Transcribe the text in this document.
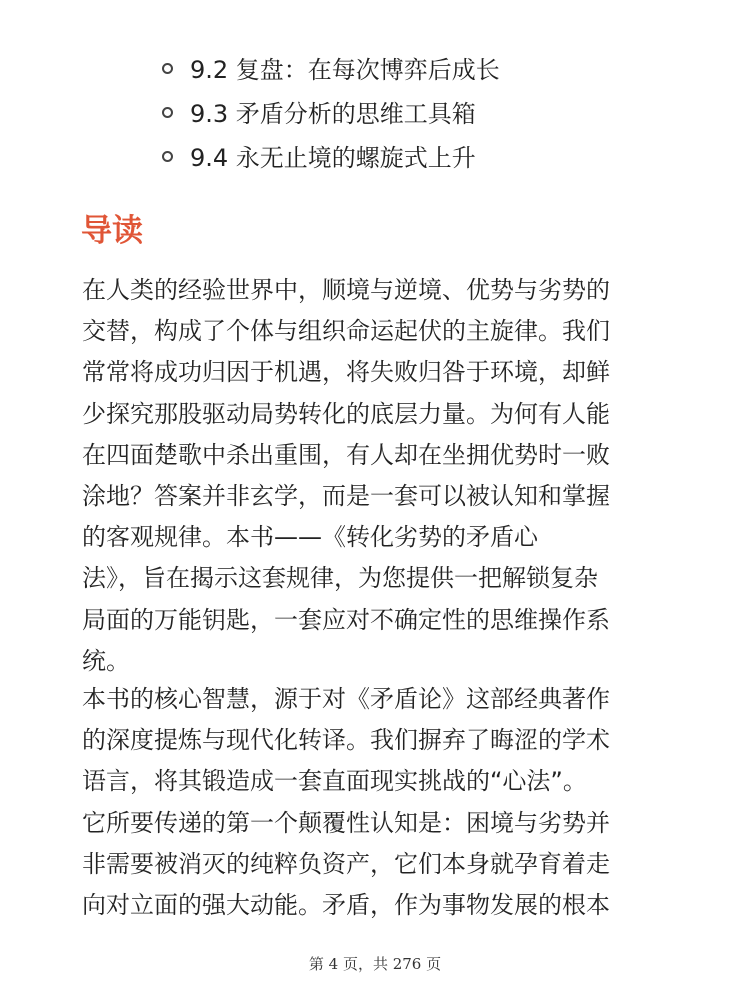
9.2 复盘：在每次博弈后成长
9.3 矛盾分析的思维工具箱
9.4 永无止境的螺旋式上升
导读

在人类的经验世界中，顺境与逆境、优势与劣势的
交替，构成了个体与组织命运起伏的主旋律。我们
常常将成功归因于机遇，将失败归咎于环境，却鲜
少探究那股驱动局势转化的底层力量。为何有人能
在四面楚歌中杀出重围，有人却在坐拥优势时一败
涂地？答案并非玄学，而是一套可以被认知和掌握
的客观规律。本书——《转化劣势的矛盾心
法》，旨在揭示这套规律，为您提供一把解锁复杂
局面的万能钥匙，一套应对不确定性的思维操作系
统。

本书的核心智慧，源于对《矛盾论》这部经典著作
的深度提炼与现代化转译。我们摒弃了晦涩的学术
语言，将其锻造成一套直面现实挑战的“心法”。
它所要传递的第一个颠覆性认知是：困境与劣势并
非需要被消灭的纯粹负资产，它们本身就孕育着走
向对立面的强大动能。矛盾，作为事物发展的根本

第 4 页，共 276 页
